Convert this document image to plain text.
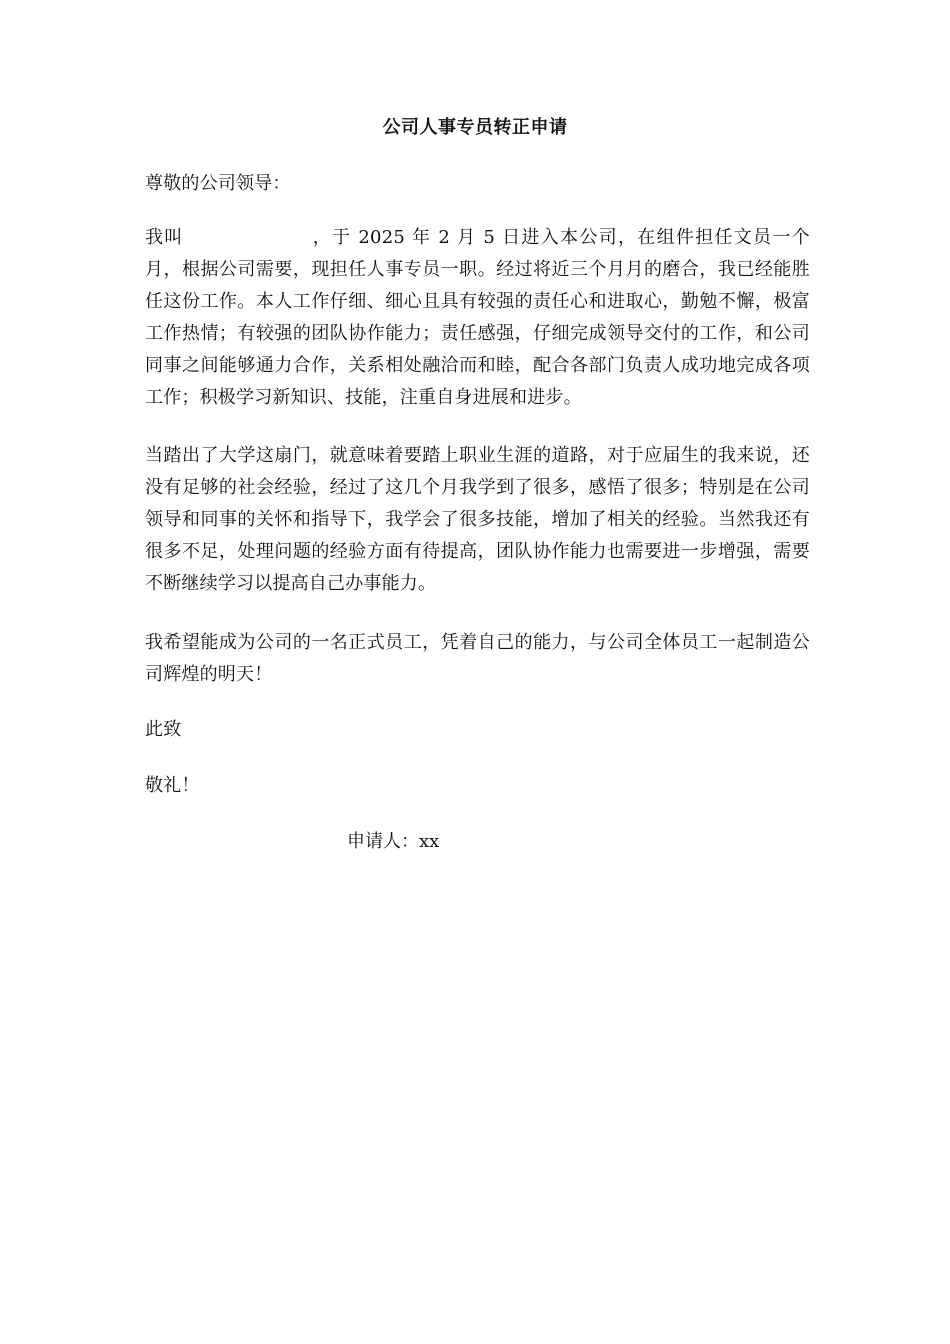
公司人事专员转正申请
尊敬的公司领导：
我叫	，于 2025 年 2 月 5 日进入本公司，在组件担任文员一个月，根据公司需要，现担任人事专员一职。经过将近三个月月的磨合，我已经能胜任这份工作。本人工作仔细、细心且具有较强的责任心和进取心，勤勉不懈，极富工作热情；有较强的团队协作能力；责任感强，仔细完成领导交付的工作，和公司同事之间能够通力合作，关系相处融洽而和睦，配合各部门负责人成功地完成各项工作；积极学习新知识、技能，注重自身进展和进步。
当踏出了大学这扇门，就意味着要踏上职业生涯的道路，对于应届生的我来说，还没有足够的社会经验，经过了这几个月我学到了很多，感悟了很多；特别是在公司领导和同事的关怀和指导下，我学会了很多技能，增加了相关的经验。当然我还有很多不足，处理问题的经验方面有待提高，团队协作能力也需要进一步增强，需要不断继续学习以提高自己办事能力。
我希望能成为公司的一名正式员工，凭着自己的能力，与公司全体员工一起制造公司辉煌的明天！
此致
敬礼！
申请人：xx
